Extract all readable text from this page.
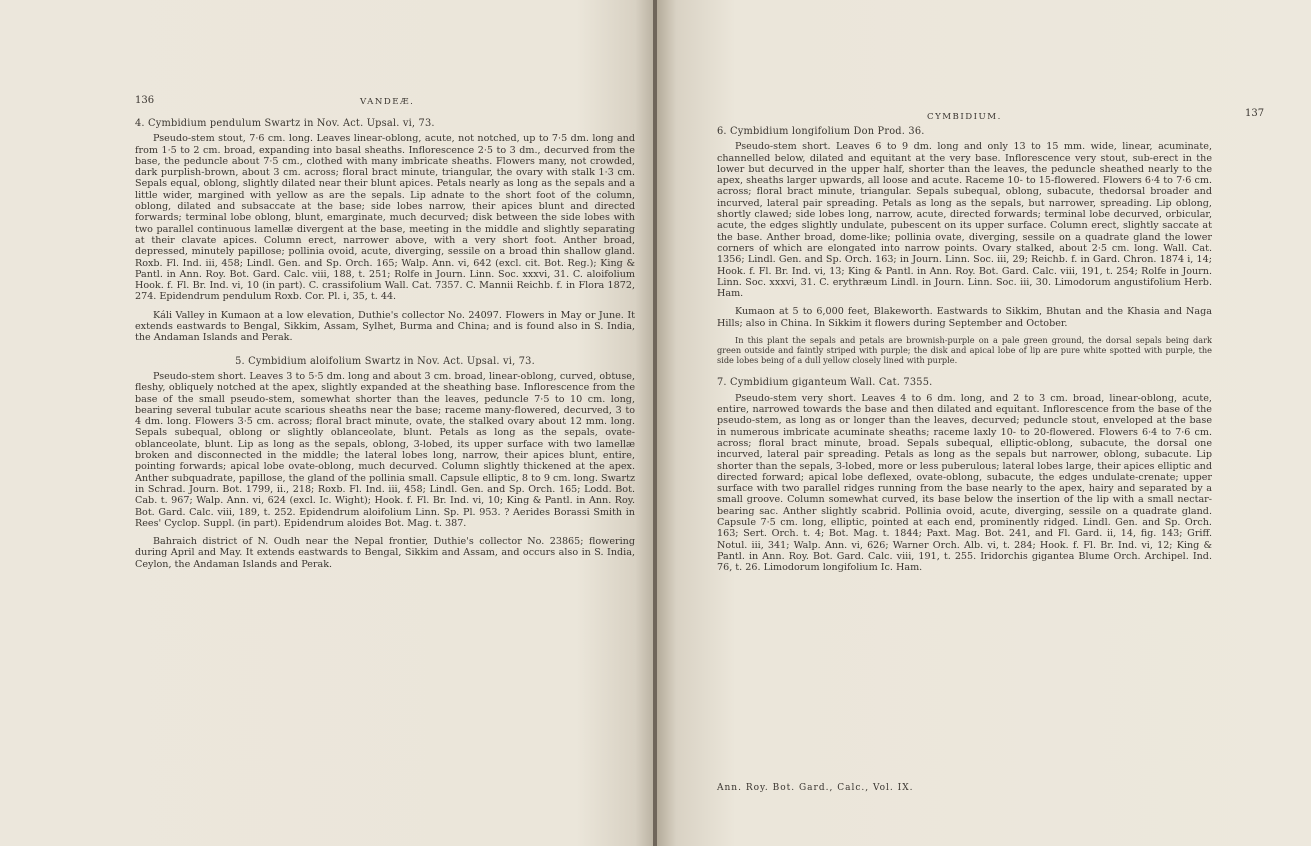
136	VANDEÆ.
4. Cymbidium pendulum Swartz in Nov. Act. Upsal. vi, 73.

Pseudo-stem stout, 7·6 cm. long. Leaves linear-oblong, acute, not notched, up to 7·5 dm. long and from 1·5 to 2 cm. broad, expanding into basal sheaths. Inflorescence 2·5 to 3 dm., decurved from the base, the peduncle about 7·5 cm., clothed with many imbricate sheaths. Flowers many, not crowded, dark purplish-brown, about 3 cm. across; floral bract minute, triangular, the ovary with stalk 1·3 cm. Sepals equal, oblong, slightly dilated near their blunt apices. Petals nearly as long as the sepals and a little wider, margined with yellow as are the sepals. Lip adnate to the short foot of the column, oblong, dilated and subsaccate at the base; side lobes narrow, their apices blunt and directed forwards; terminal lobe oblong, blunt, emarginate, much decurved; disk between the side lobes with two parallel continuous lamellæ divergent at the base, meeting in the middle and slightly separating at their clavate apices. Column erect, narrower above, with a very short foot. Anther broad, depressed, minutely papillose; pollinia ovoid, acute, diverging, sessile on a broad thin shallow gland. Roxb. Fl. Ind. iii, 458; Lindl. Gen. and Sp. Orch. 165; Walp. Ann. vi, 642 (excl. cit. Bot. Reg.); King & Pantl. in Ann. Roy. Bot. Gard. Calc. viii, 188, t. 251; Rolfe in Journ. Linn. Soc. xxxvi, 31. C. aloifolium Hook. f. Fl. Br. Ind. vi, 10 (in part). C. crassifolium Wall. Cat. 7357. C. Mannii Reichb. f. in Flora 1872, 274. Epidendrum pendulum Roxb. Cor. Pl. i, 35, t. 44.

Káli Valley in Kumaon at a low elevation, Duthie's collector No. 24097. Flowers in May or June. It extends eastwards to Bengal, Sikkim, Assam, Sylhet, Burma and China; and is found also in S. India, the Andaman Islands and Perak.

5. Cymbidium aloifolium Swartz in Nov. Act. Upsal. vi, 73.

Pseudo-stem short. Leaves 3 to 5·5 dm. long and about 3 cm. broad, linear-oblong, curved, obtuse, fleshy, obliquely notched at the apex, slightly expanded at the sheathing base. Inflorescence from the base of the small pseudo-stem, somewhat shorter than the leaves, peduncle 7·5 to 10 cm. long, bearing several tubular acute scarious sheaths near the base; raceme many-flowered, decurved, 3 to 4 dm. long. Flowers 3·5 cm. across; floral bract minute, ovate, the stalked ovary about 12 mm. long. Sepals subequal, oblong or slightly oblanceolate, blunt. Petals as long as the sepals, ovate-oblanceolate, blunt. Lip as long as the sepals, oblong, 3-lobed, its upper surface with two lamellæ broken and disconnected in the middle; the lateral lobes long, narrow, their apices blunt, entire, pointing forwards; apical lobe ovate-oblong, much decurved. Column slightly thickened at the apex. Anther subquadrate, papillose, the gland of the pollinia small. Capsule elliptic, 8 to 9 cm. long. Swartz in Schrad. Journ. Bot. 1799, ii., 218; Roxb. Fl. Ind. iii, 458; Lindl. Gen. and Sp. Orch. 165; Lodd. Bot. Cab. t. 967; Walp. Ann. vi, 624 (excl. Ic. Wight); Hook. f. Fl. Br. Ind. vi, 10; King & Pantl. in Ann. Roy. Bot. Gard. Calc. viii, 189, t. 252. Epidendrum aloifolium Linn. Sp. Pl. 953. ? Aerides Borassi Smith in Rees' Cyclop. Suppl. (in part). Epidendrum aloides Bot. Mag. t. 387.

Bahraich district of N. Oudh near the Nepal frontier, Duthie's collector No. 23865; flowering during April and May. It extends eastwards to Bengal, Sikkim and Assam, and occurs also in S. India, Ceylon, the Andaman Islands and Perak.

CYMBIDIUM.	137
6. Cymbidium longifolium Don Prod. 36.

Pseudo-stem short. Leaves 6 to 9 dm. long and only 13 to 15 mm. wide, linear, acuminate, channelled below, dilated and equitant at the very base. Inflorescence very stout, sub-erect in the lower but decurved in the upper half, shorter than the leaves, the peduncle sheathed nearly to the apex, sheaths larger upwards, all loose and acute. Raceme 10- to 15-flowered. Flowers 6·4 to 7·6 cm. across; floral bract minute, triangular. Sepals subequal, oblong, subacute, thedorsal broader and incurved, lateral pair spreading. Petals as long as the sepals, but narrower, spreading. Lip oblong, shortly clawed; side lobes long, narrow, acute, directed forwards; terminal lobe decurved, orbicular, acute, the edges slightly undulate, pubescent on its upper surface. Column erect, slightly saccate at the base. Anther broad, dome-like; pollinia ovate, diverging, sessile on a quadrate gland the lower corners of which are elongated into narrow points. Ovary stalked, about 2·5 cm. long. Wall. Cat. 1356; Lindl. Gen. and Sp. Orch. 163; in Journ. Linn. Soc. iii, 29; Reichb. f. in Gard. Chron. 1874 i, 14; Hook. f. Fl. Br. Ind. vi, 13; King & Pantl. in Ann. Roy. Bot. Gard. Calc. viii, 191, t. 254; Rolfe in Journ. Linn. Soc. xxxvi, 31. C. erythræum Lindl. in Journ. Linn. Soc. iii, 30. Limodorum angustifolium Herb. Ham.

Kumaon at 5 to 6,000 feet, Blakeworth. Eastwards to Sikkim, Bhutan and the Khasia and Naga Hills; also in China. In Sikkim it flowers during September and October.

In this plant the sepals and petals are brownish-purple on a pale green ground, the dorsal sepals being dark green outside and faintly striped with purple; the disk and apical lobe of lip are pure white spotted with purple, the side lobes being of a dull yellow closely lined with purple.

7. Cymbidium giganteum Wall. Cat. 7355.

Pseudo-stem very short. Leaves 4 to 6 dm. long, and 2 to 3 cm. broad, linear-oblong, acute, entire, narrowed towards the base and then dilated and equitant. Inflorescence from the base of the pseudo-stem, as long as or longer than the leaves, decurved; peduncle stout, enveloped at the base in numerous imbricate acuminate sheaths; raceme laxly 10- to 20-flowered. Flowers 6·4 to 7·6 cm. across; floral bract minute, broad. Sepals subequal, elliptic-oblong, subacute, the dorsal one incurved, lateral pair spreading. Petals as long as the sepals but narrower, oblong, subacute. Lip shorter than the sepals, 3-lobed, more or less puberulous; lateral lobes large, their apices elliptic and directed forward; apical lobe deflexed, ovate-oblong, subacute, the edges undulate-crenate; upper surface with two parallel ridges running from the base nearly to the apex, hairy and separated by a small groove. Column somewhat curved, its base below the insertion of the lip with a small nectar-bearing sac. Anther slightly scabrid. Pollinia ovoid, acute, diverging, sessile on a quadrate gland. Capsule 7·5 cm. long, elliptic, pointed at each end, prominently ridged. Lindl. Gen. and Sp. Orch. 163; Sert. Orch. t. 4; Bot. Mag. t. 1844; Paxt. Mag. Bot. 241, and Fl. Gard. ii, 14, fig. 143; Griff. Notul. iii, 341; Walp. Ann. vi, 626; Warner Orch. Alb. vi, t. 284; Hook. f. Fl. Br. Ind. vi, 12; King & Pantl. in Ann. Roy. Bot. Gard. Calc. viii, 191, t. 255. Iridorchis gigantea Blume Orch. Archipel. Ind. 76, t. 26. Limodorum longifolium Ic. Ham.

Ann. Roy. Bot. Gard., Calc., Vol. IX.
